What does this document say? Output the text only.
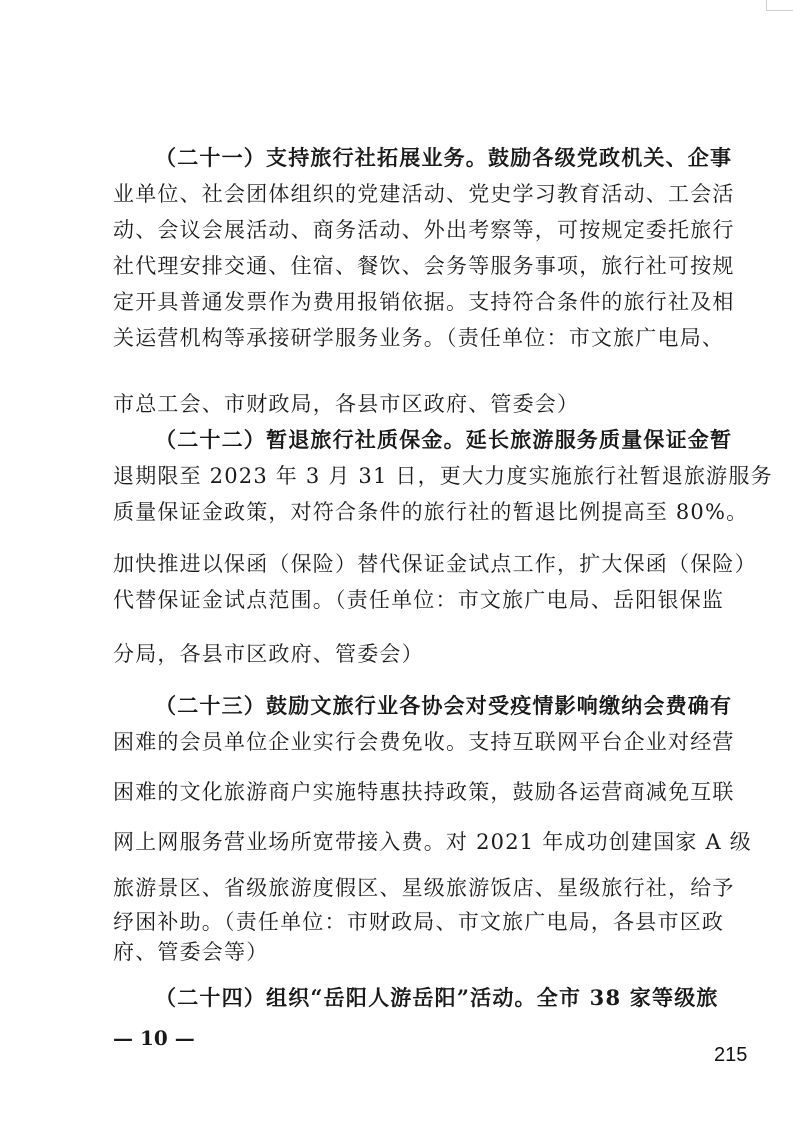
（二十一）支持旅行社拓展业务。鼓励各级党政机关、企事
业单位、社会团体组织的党建活动、党史学习教育活动、工会活
动、会议会展活动、商务活动、外出考察等，可按规定委托旅行
社代理安排交通、住宿、餐饮、会务等服务事项，旅行社可按规
定开具普通发票作为费用报销依据。支持符合条件的旅行社及相
关运营机构等承接研学服务业务。（责任单位：市文旅广电局、
市总工会、市财政局，各县市区政府、管委会）
（二十二）暂退旅行社质保金。延长旅游服务质量保证金暂
退期限至 2023 年 3 月 31 日，更大力度实施旅行社暂退旅游服务
质量保证金政策，对符合条件的旅行社的暂退比例提高至 80%。
加快推进以保函（保险）替代保证金试点工作，扩大保函（保险）
代替保证金试点范围。（责任单位：市文旅广电局、岳阳银保监
分局，各县市区政府、管委会）
（二十三）鼓励文旅行业各协会对受疫情影响缴纳会费确有
困难的会员单位企业实行会费免收。支持互联网平台企业对经营
困难的文化旅游商户实施特惠扶持政策，鼓励各运营商减免互联
网上网服务营业场所宽带接入费。对 2021 年成功创建国家 A 级
旅游景区、省级旅游度假区、星级旅游饭店、星级旅行社，给予
纾困补助。（责任单位：市财政局、市文旅广电局，各县市区政
府、管委会等）
（二十四）组织“岳阳人游岳阳”活动。全市 38 家等级旅
— 10 —
215
